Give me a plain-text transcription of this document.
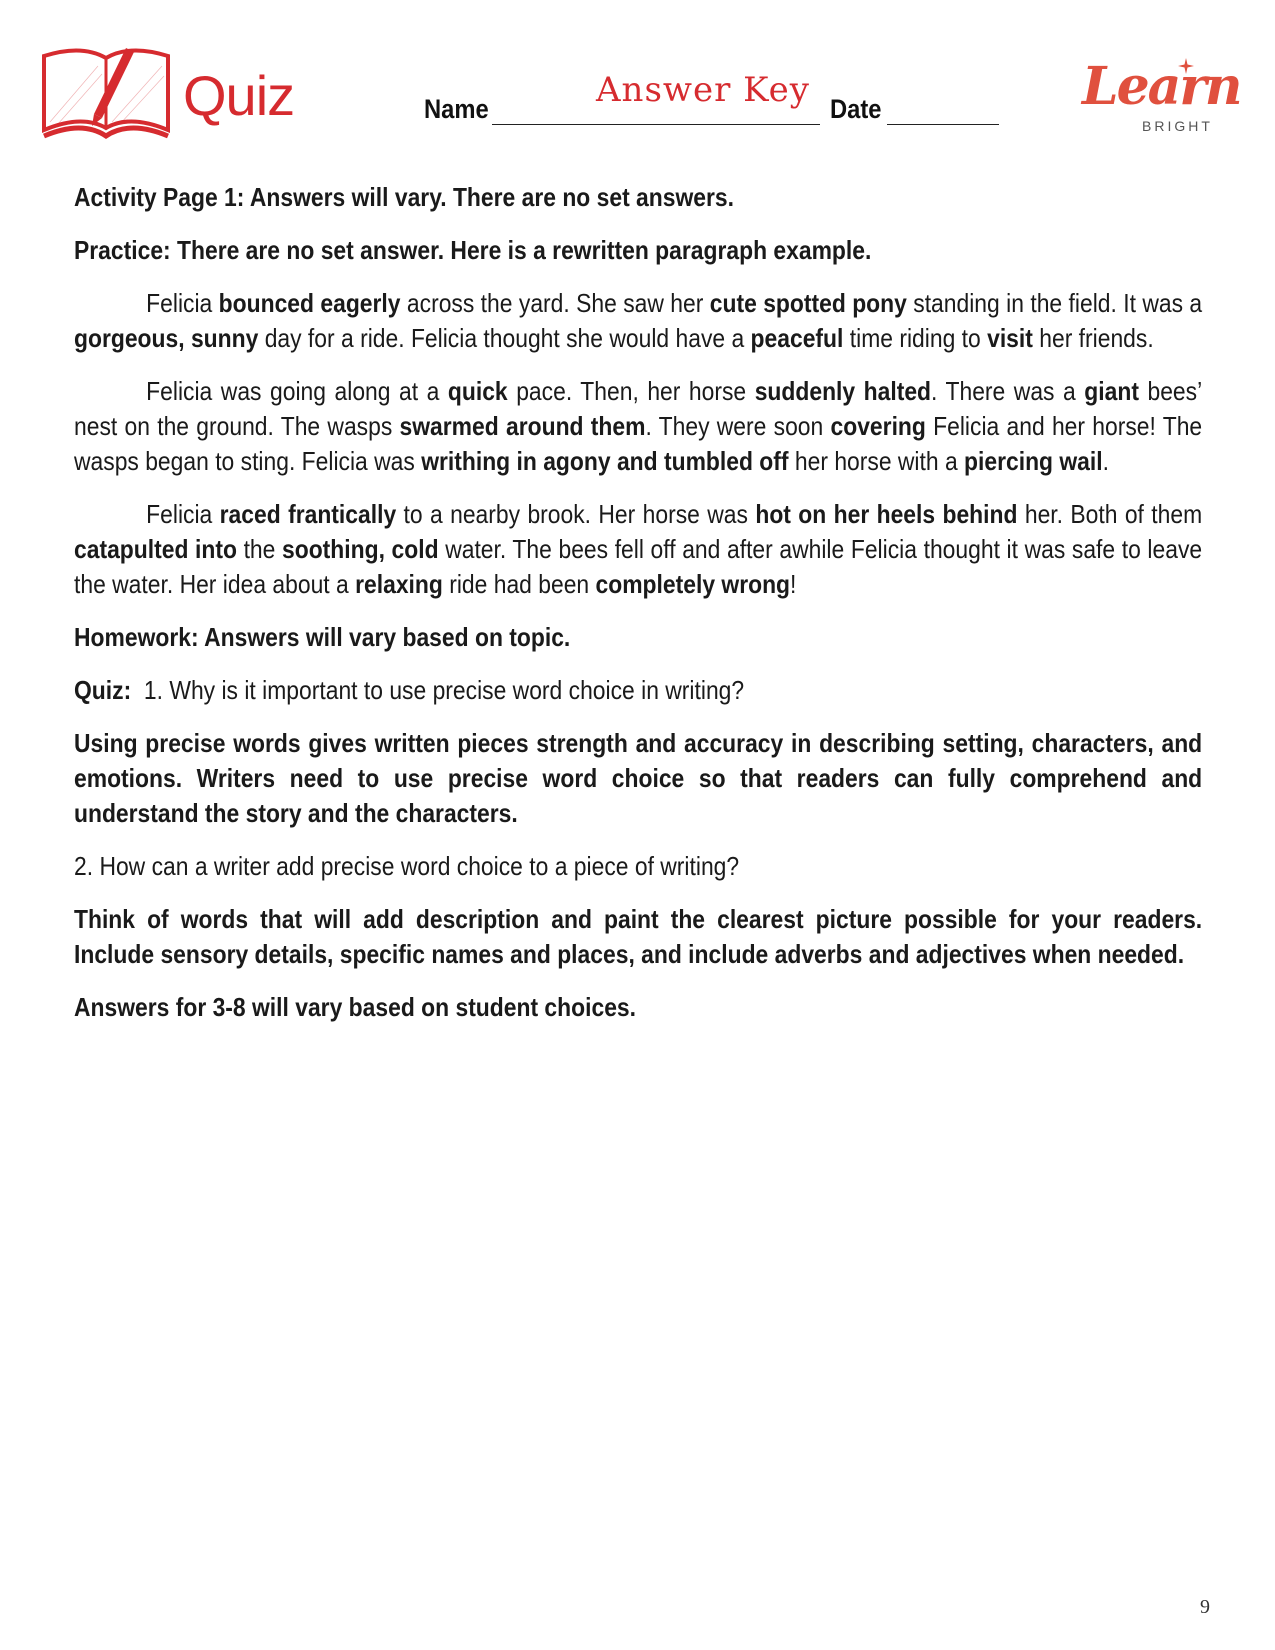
Quiz	Name	Answer Key Date	Learn
BRIGHT

Activity Page 1: Answers will vary. There are no set answers.

Practice: There are no set answer. Here is a rewritten paragraph example.

Felicia bounced eagerly across the yard. She saw her cute spotted pony standing in the field. It was a gorgeous, sunny day for a ride. Felicia thought she would have a peaceful time riding to visit her friends.

Felicia was going along at a quick pace. Then, her horse suddenly halted. There was a giant bees’ nest on the ground. The wasps swarmed around them. They were soon covering Felicia and her horse! The wasps began to sting. Felicia was writhing in agony and tumbled off her horse with a piercing wail.

Felicia raced frantically to a nearby brook. Her horse was hot on her heels behind her. Both of them catapulted into the soothing, cold water. The bees fell off and after awhile Felicia thought it was safe to leave the water. Her idea about a relaxing ride had been completely wrong!

Homework: Answers will vary based on topic.

Quiz: 1. Why is it important to use precise word choice in writing?

Using precise words gives written pieces strength and accuracy in describing setting, characters, and emotions. Writers need to use precise word choice so that readers can fully comprehend and understand the story and the characters.

2. How can a writer add precise word choice to a piece of writing?

Think of words that will add description and paint the clearest picture possible for your readers. Include sensory details, specific names and places, and include adverbs and adjectives when needed.

Answers for 3-8 will vary based on student choices.

9
